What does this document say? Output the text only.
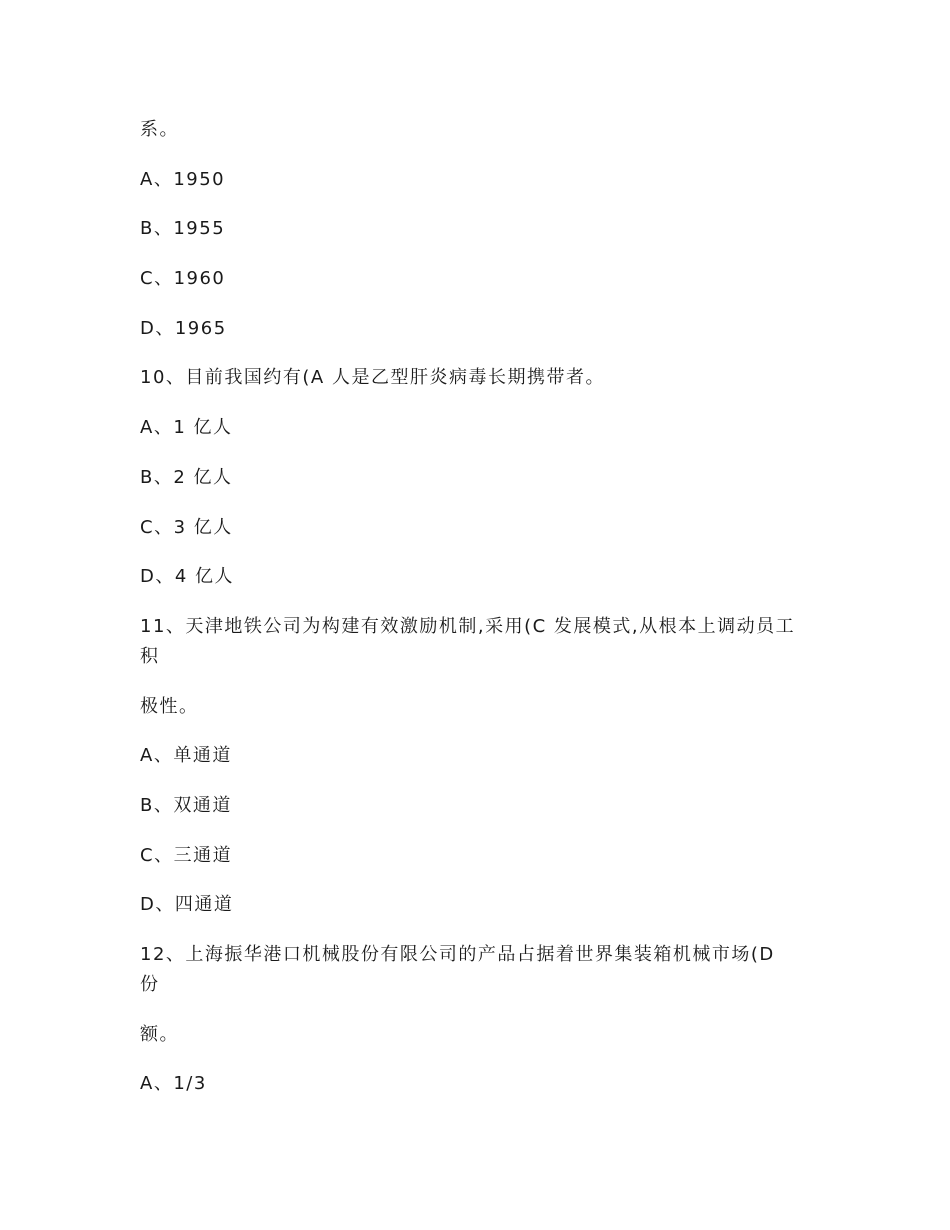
系。

A、1950

B、1955

C、1960

D、1965

10、目前我国约有(A 人是乙型肝炎病毒长期携带者。

A、1 亿人

B、2 亿人

C、3 亿人

D、4 亿人

11、天津地铁公司为构建有效激励机制,采用(C 发展模式,从根本上调动员工积

极性。

A、单通道

B、双通道

C、三通道

D、四通道

12、上海振华港口机械股份有限公司的产品占据着世界集装箱机械市场(D 份

额。

A、1/3
